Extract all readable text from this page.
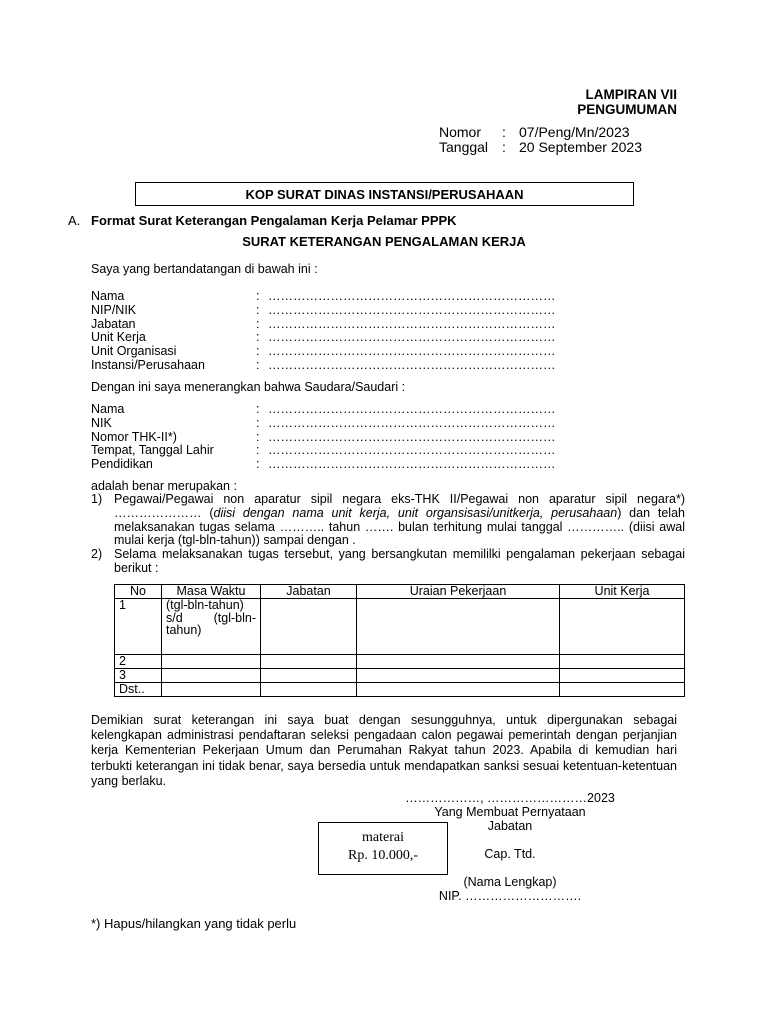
LAMPIRAN VII
PENGUMUMAN
Nomor	: 07/Peng/Mn/2023
Tanggal : 20 September 2023
KOP SURAT DINAS INSTANSI/PERUSAHAAN
A. Format Surat Keterangan Pengalaman Kerja Pelamar PPPK
SURAT KETERANGAN PENGALAMAN KERJA
Saya yang bertandatangan di bawah ini :
Nama	: ……………………………………………………………
NIP/NIK	: ……………………………………………………………
Jabatan	: ……………………………………………………………
Unit Kerja	: ……………………………………………………………
Unit Organisasi	: ……………………………………………………………
Instansi/Perusahaan	: ……………………………………………………………
Dengan ini saya menerangkan bahwa Saudara/Saudari :
Nama	: ……………………………………………………………
NIK	: ……………………………………………………………
Nomor THK-II*)	: ……………………………………………………………
Tempat, Tanggal Lahir	: ……………………………………………………………
Pendidikan	: ……………………………………………………………
adalah benar merupakan :
1) Pegawai/Pegawai non aparatur sipil negara eks-THK II/Pegawai non aparatur sipil negara*) ………………… (diisi dengan nama unit kerja, unit organsisasi/unitkerja, perusahaan) dan telah melaksanakan tugas selama ……….. tahun ……. bulan terhitung mulai tanggal ………….. (diisi awal mulai kerja (tgl-bln-tahun)) sampai dengan .
2) Selama melaksanakan tugas tersebut, yang bersangkutan memililki pengalaman pekerjaan sebagai berikut :
No	Masa Waktu	Jabatan	Uraian Pekerjaan	Unit Kerja
1	(tgl-bln-tahun) s/d (tgl-bln-tahun)			
2				
3				
Dst..				
Demikian surat keterangan ini saya buat dengan sesungguhnya, untuk dipergunakan sebagai kelengkapan administrasi pendaftaran seleksi pengadaan calon pegawai pemerintah dengan perjanjian kerja Kementerian Pekerjaan Umum dan Perumahan Rakyat tahun 2023. Apabila di kemudian hari terbukti keterangan ini tidak benar, saya bersedia untuk mendapatkan sanksi sesuai ketentuan-ketentuan yang berlaku.
………………, ……………………2023
Yang Membuat Pernyataan
Jabatan
Cap. Ttd.
(Nama Lengkap)
NIP. ……………………….
materai
Rp. 10.000,-
*) Hapus/hilangkan yang tidak perlu
